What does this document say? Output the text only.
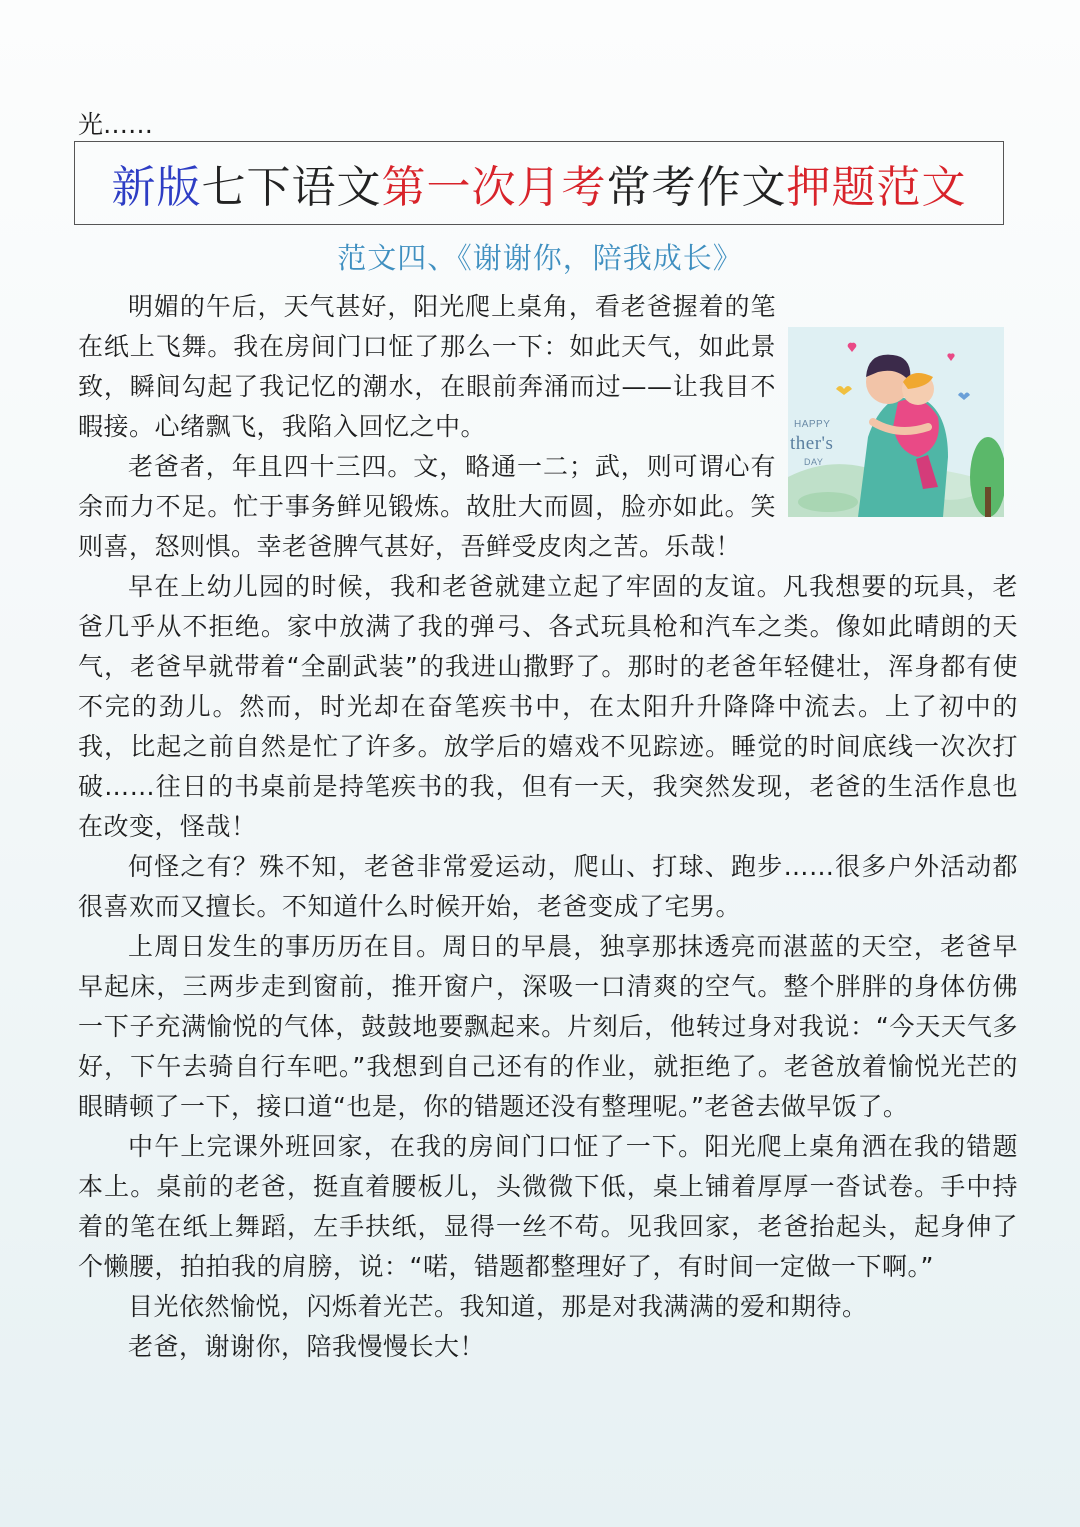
光……
新版 七下语文 第一次月考 常考作文 押题范文
范文四、《谢谢你，陪我成长》
HAPPY
ther's
DAY

明媚的午后，天气甚好，阳光爬上桌角，看老爸握着的笔在纸上飞舞。我在房间门口怔了那么一下：如此天气，如此景致，瞬间勾起了我记忆的潮水，在眼前奔涌而过——让我目不暇接。心绪飘飞，我陷入回忆之中。

老爸者，年且四十三四。文，略通一二；武，则可谓心有余而力不足。忙于事务鲜见锻炼。故肚大而圆，脸亦如此。笑则喜，怒则惧。幸老爸脾气甚好，吾鲜受皮肉之苦。乐哉！

早在上幼儿园的时候，我和老爸就建立起了牢固的友谊。凡我想要的玩具，老爸几乎从不拒绝。家中放满了我的弹弓、各式玩具枪和汽车之类。像如此晴朗的天气，老爸早就带着“全副武装”的我进山撒野了。那时的老爸年轻健壮，浑身都有使不完的劲儿。然而，时光却在奋笔疾书中，在太阳升升降降中流去。上了初中的我，比起之前自然是忙了许多。放学后的嬉戏不见踪迹。睡觉的时间底线一次次打破……往日的书桌前是持笔疾书的我，但有一天，我突然发现，老爸的生活作息也在改变，怪哉！

何怪之有？殊不知，老爸非常爱运动，爬山、打球、跑步……很多户外活动都很喜欢而又擅长。不知道什么时候开始，老爸变成了宅男。

上周日发生的事历历在目。周日的早晨，独享那抹透亮而湛蓝的天空，老爸早早起床，三两步走到窗前，推开窗户，深吸一口清爽的空气。整个胖胖的身体仿佛一下子充满愉悦的气体，鼓鼓地要飘起来。片刻后，他转过身对我说：“今天天气多好，下午去骑自行车吧。”我想到自己还有的作业，就拒绝了。老爸放着愉悦光芒的眼睛顿了一下，接口道“也是，你的错题还没有整理呢。”老爸去做早饭了。

中午上完课外班回家，在我的房间门口怔了一下。阳光爬上桌角洒在我的错题本上。桌前的老爸，挺直着腰板儿，头微微下低，桌上铺着厚厚一沓试卷。手中持着的笔在纸上舞蹈，左手扶纸，显得一丝不苟。见我回家，老爸抬起头，起身伸了个懒腰，拍拍我的肩膀，说：“喏，错题都整理好了，有时间一定做一下啊。”

目光依然愉悦，闪烁着光芒。我知道，那是对我满满的爱和期待。

老爸，谢谢你，陪我慢慢长大！
